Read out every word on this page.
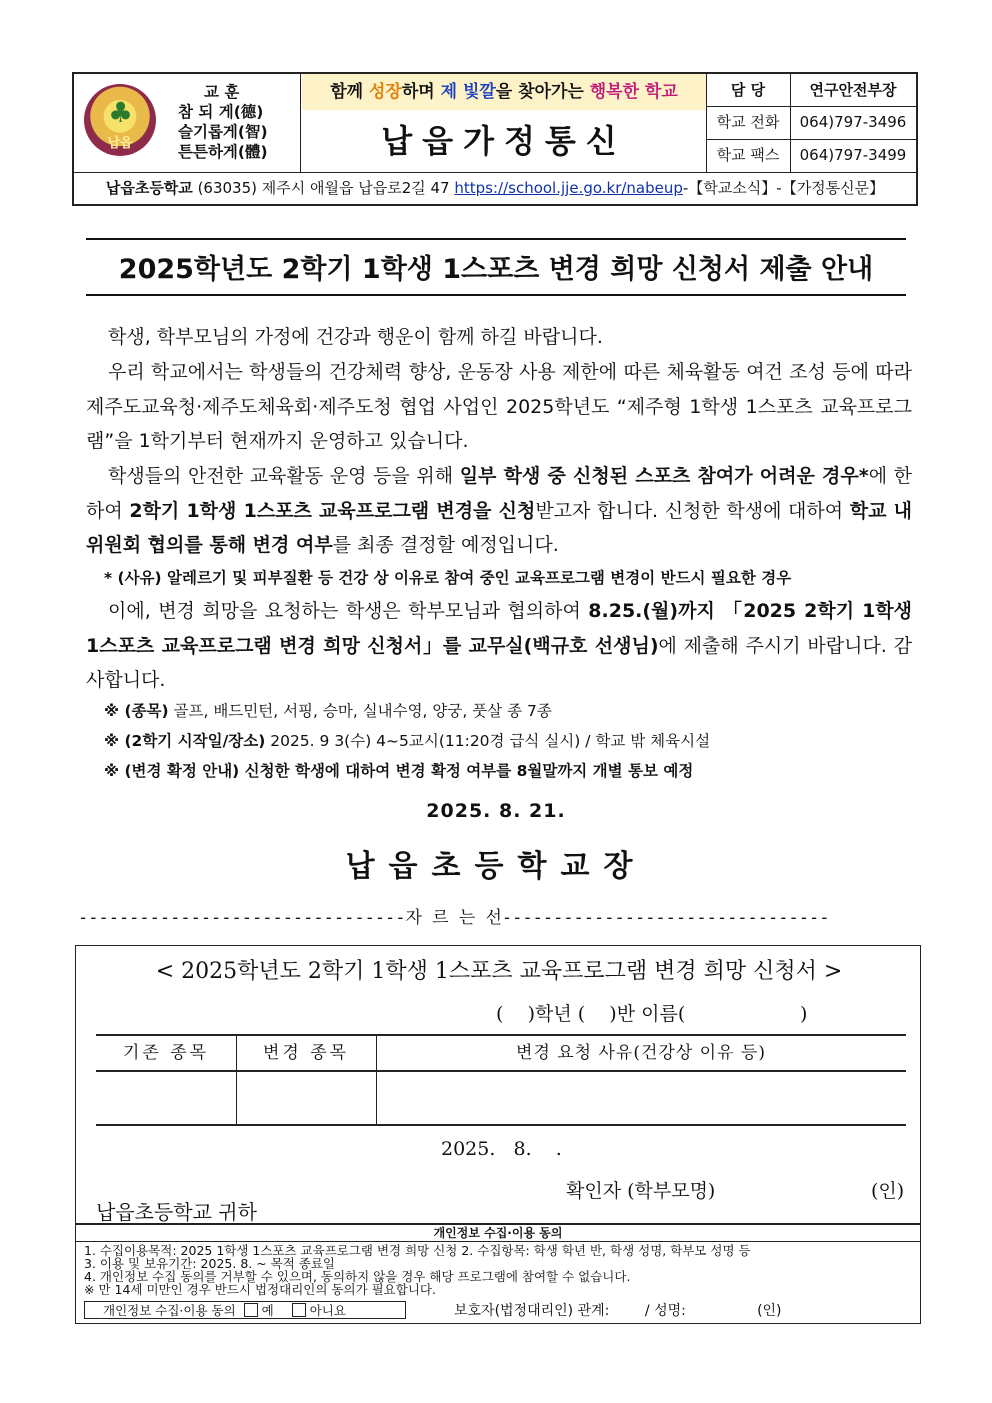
♣
납읍
교 훈
참 되 게(德)
슬기롭게(智)
튼튼하게(體)
함께 성장하며 제 빛깔을 찾아가는 행복한 학교
납읍가정통신
담 당	연구안전부장
학교 전화	064)797-3496
학교 팩스	064)797-3499
납읍초등학교 (63035) 제주시 애월읍 납읍로2길 47 https://school.jje.go.kr/nabeup-【학교소식】-【가정통신문】
2025학년도 2학기 1학생 1스포츠 변경 희망 신청서 제출 안내
학생, 학부모님의 가정에 건강과 행운이 함께 하길 바랍니다.
우리 학교에서는 학생들의 건강체력 향상, 운동장 사용 제한에 따른 체육활동 여건 조성 등에 따라 제주도교육청·제주도체육회·제주도청 협업 사업인 2025학년도 “제주형 1학생 1스포츠 교육프로그램”을 1학기부터 현재까지 운영하고 있습니다.
학생들의 안전한 교육활동 운영 등을 위해 일부 학생 중 신청된 스포츠 참여가 어려운 경우*에 한하여 2학기 1학생 1스포츠 교육프로그램 변경을 신청받고자 합니다. 신청한 학생에 대하여 학교 내 위원회 협의를 통해 변경 여부를 최종 결정할 예정입니다.
* (사유) 알레르기 및 피부질환 등 건강 상 이유로 참여 중인 교육프로그램 변경이 반드시 필요한 경우
이에, 변경 희망을 요청하는 학생은 학부모님과 협의하여 8.25.(월)까지 「2025 2학기 1학생 1스포츠 교육프로그램 변경 희망 신청서」를 교무실(백규호 선생님)에 제출해 주시기 바랍니다. 감사합니다.
※ (종목) 골프, 배드민턴, 서핑, 승마, 실내수영, 양궁, 풋살 종 7종
※ (2학기 시작일/장소) 2025. 9 3(수) 4~5교시(11:20경 급식 실시) / 학교 밖 체육시설
※ (변경 확정 안내) 신청한 학생에 대하여 변경 확정 여부를 8월말까지 개별 통보 예정
2025. 8. 21.
납읍초등학교장
--------------------------------자 르 는 선--------------------------------
< 2025학년도 2학기 1학생 1스포츠 교육프로그램 변경 희망 신청서 >
(    )학년 (    )반 이름(                   )
기존 종목	변경 종목	변경 요청 사유(건강상 이유 등)
2025.   8.    .
확인자 (학부모명)	(인)
납읍초등학교 귀하
개인정보 수집·이용 동의
1. 수집이용목적: 2025 1학생 1스포츠 교육프로그램 변경 희망 신청 2. 수집항목: 학생 학년 반, 학생 성명, 학부모 성명 등
3. 이용 및 보유기간: 2025. 8. ~ 목적 종료일
4. 개인정보 수집 동의를 거부할 수 있으며, 동의하지 않을 경우 해당 프로그램에 참여할 수 없습니다.
※ 만 14세 미만인 경우 반드시 법정대리인의 동의가 필요합니다.
개인정보 수집·이용 동의 예	아니요	보호자(법정대리인) 관계:        / 성명:                (인)
